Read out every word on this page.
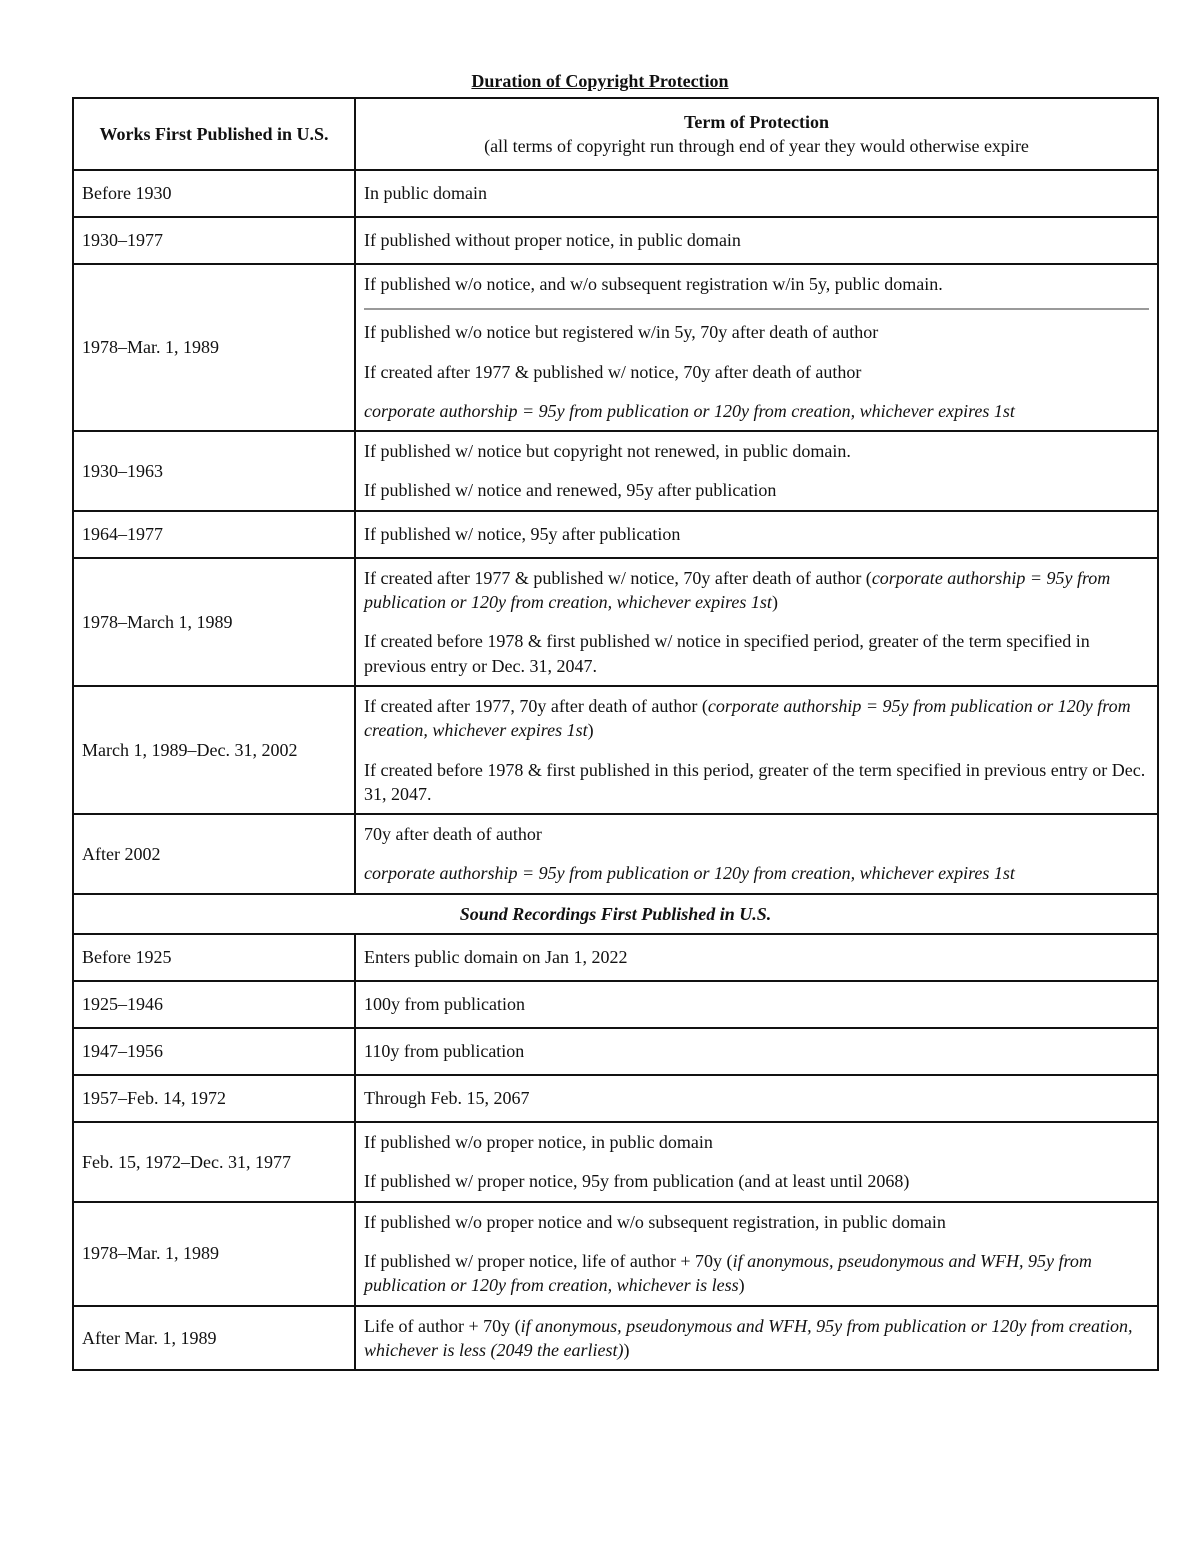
Duration of Copyright Protection
Works First Published in U.S.	Term of Protection
(all terms of copyright run through end of year they would otherwise expire

Before 1930	In public domain

1930–1977	If published without proper notice, in public domain

1978–Mar. 1, 1989	If published w/o notice, and w/o subsequent registration w/in 5y, public domain.
If published w/o notice but registered w/in 5y, 70y after death of author
If created after 1977 & published w/ notice, 70y after death of author
corporate authorship = 95y from publication or 120y from creation, whichever expires 1st

1930–1963	If published w/ notice but copyright not renewed, in public domain.
If published w/ notice and renewed, 95y after publication

1964–1977	If published w/ notice, 95y after publication

1978–March 1, 1989	If created after 1977 & published w/ notice, 70y after death of author (corporate authorship = 95y from publication or 120y from creation, whichever expires 1st)
If created before 1978 & first published w/ notice in specified period, greater of the term specified in previous entry or Dec. 31, 2047.

March 1, 1989–Dec. 31, 2002	If created after 1977, 70y after death of author (corporate authorship = 95y from publication or 120y from creation, whichever expires 1st)
If created before 1978 & first published in this period, greater of the term specified in previous entry or Dec. 31, 2047.

After 2002	70y after death of author
corporate authorship = 95y from publication or 120y from creation, whichever expires 1st

Sound Recordings First Published in U.S.	
Before 1925	Enters public domain on Jan 1, 2022

1925–1946	100y from publication

1947–1956	110y from publication

1957–Feb. 14, 1972	Through Feb. 15, 2067

Feb. 15, 1972–Dec. 31, 1977	If published w/o proper notice, in public domain
If published w/ proper notice, 95y from publication (and at least until 2068)

1978–Mar. 1, 1989	If published w/o proper notice and w/o subsequent registration, in public domain
If published w/ proper notice, life of author + 70y (if anonymous, pseudonymous and WFH, 95y from publication or 120y from creation, whichever is less)

After Mar. 1, 1989	Life of author + 70y (if anonymous, pseudonymous and WFH, 95y from publication or 120y from creation, whichever is less (2049 the earliest))
